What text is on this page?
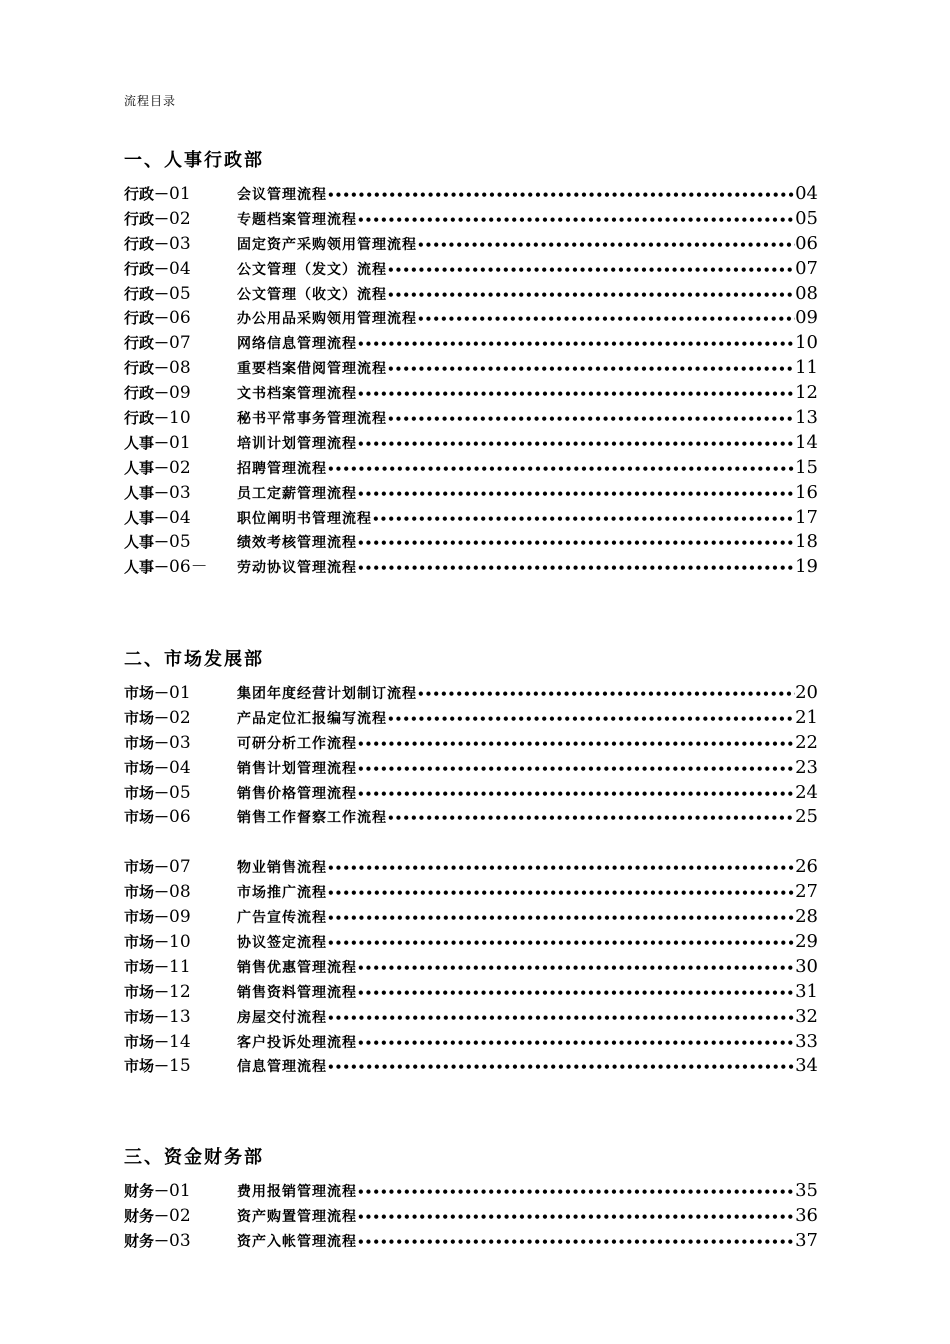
流程目录
一、人事行政部
行政－01	会议管理流程 •••••	04
行政－02	专题档案管理流程 •••••	05
行政－03	固定资产采购领用管理流程 •••••	06
行政－04	公文管理（发文）流程 •••••	07
行政－05	公文管理（收文）流程 •••••	08
行政－06	办公用品采购领用管理流程 •••••	09
行政－07	网络信息管理流程 •••••	10
行政－08	重要档案借阅管理流程 •••••	11
行政－09	文书档案管理流程 •••••	12
行政－10	秘书平常事务管理流程 •••••	13
人事－01	培训计划管理流程 •••••	14
人事－02	招聘管理流程 •••••	15
人事－03	员工定薪管理流程 •••••	16
人事－04	职位阐明书管理流程 •••••	17
人事－05	绩效考核管理流程 •••••	18
人事－06－	劳动协议管理流程 •••••	19
二、市场发展部
市场－01	集团年度经营计划制订流程 •••••	20
市场－02	产品定位汇报编写流程 •••••	21
市场－03	可研分析工作流程 •••••	22
市场－04	销售计划管理流程 •••••	23
市场－05	销售价格管理流程 •••••	24
市场－06	销售工作督察工作流程 •••••	25
市场－07	物业销售流程 •••••	26
市场－08	市场推广流程 •••••	27
市场－09	广告宣传流程 •••••	28
市场－10	协议签定流程 •••••	29
市场－11	销售优惠管理流程 •••••	30
市场－12	销售资料管理流程 •••••	31
市场－13	房屋交付流程 •••••	32
市场－14	客户投诉处理流程 •••••	33
市场－15	信息管理流程 •••••	34
三、资金财务部
财务－01	费用报销管理流程 •••••	35
财务－02	资产购置管理流程 •••••	36
财务－03	资产入帐管理流程 •••••	37
